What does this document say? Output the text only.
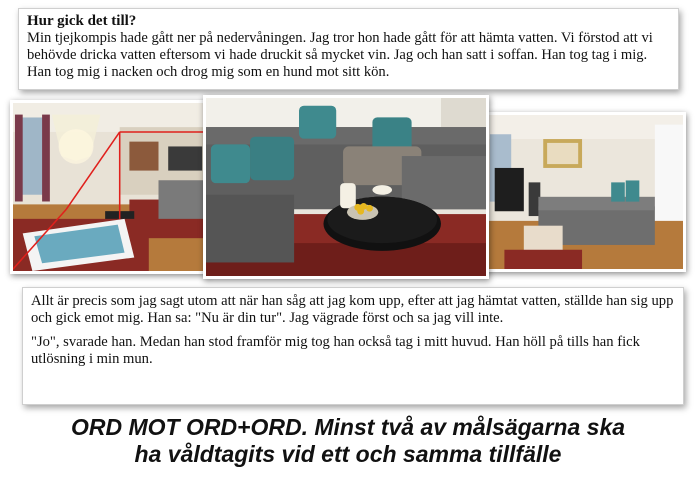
Hur gick det till?
Min tjejkompis hade gått ner på nedervåningen. Jag tror hon hade gått för att hämta vatten. Vi förstod att vi behövde dricka vatten eftersom vi hade druckit så mycket vin. Jag och han satt i soffan. Han tog tag i mig. Han tog mig i nacken och drog mig som en hund mot sitt kön.

Allt är precis som jag sagt utom att när han såg att jag kom upp, efter att jag hämtat vatten, ställde han sig upp och gick emot mig. Han sa: "Nu är din tur". Jag vägrade först och sa jag vill inte.

"Jo", svarade han. Medan han stod framför mig tog han också tag i mitt huvud. Han höll på tills han fick utlösning i min mun.

ORD MOT ORD+ORD. Minst två av målsägarna ska
ha våldtagits vid ett och samma tillfälle
